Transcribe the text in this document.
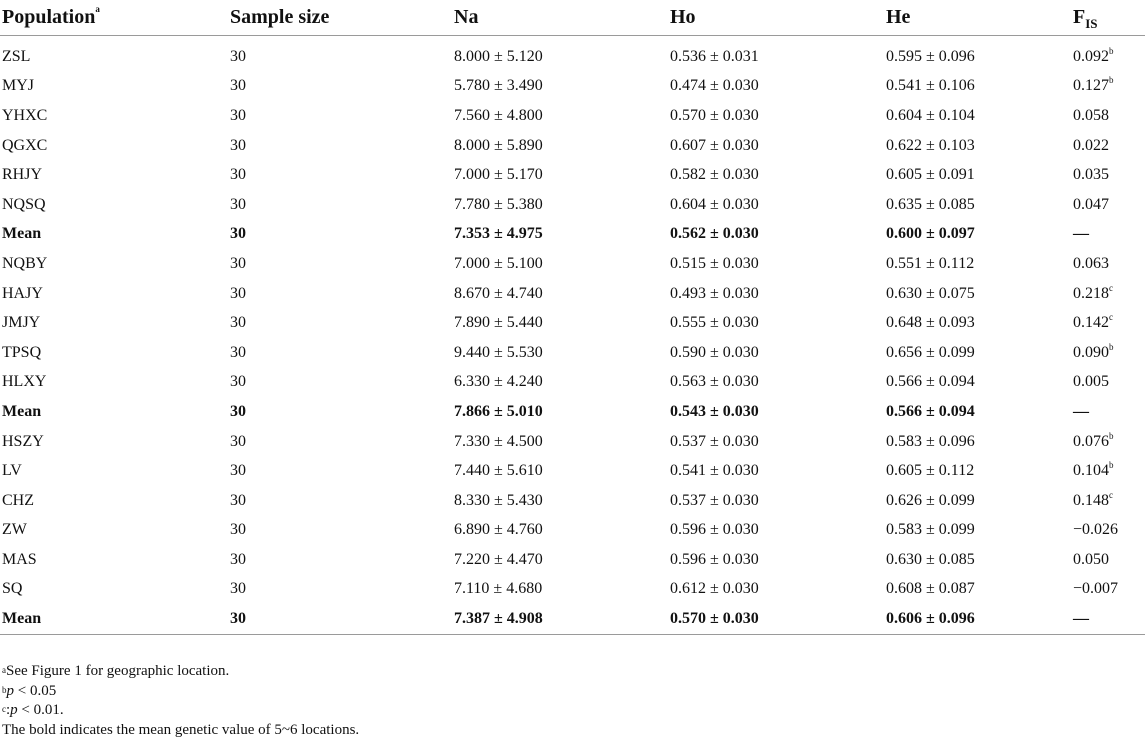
Population$^a$	Sample size	Na	Ho	He	$F_{IS}$
ZSL	30	8.000 ± 5.120	0.536 ± 0.031	0.595 ± 0.096	0.092$^b$
MYJ	30	5.780 ± 3.490	0.474 ± 0.030	0.541 ± 0.106	0.127$^b$
YHXC	30	7.560 ± 4.800	0.570 ± 0.030	0.604 ± 0.104	0.058
QGXC	30	8.000 ± 5.890	0.607 ± 0.030	0.622 ± 0.103	0.022
RHJY	30	7.000 ± 5.170	0.582 ± 0.030	0.605 ± 0.091	0.035
NQSQ	30	7.780 ± 5.380	0.604 ± 0.030	0.635 ± 0.085	0.047
Mean	30	7.353 ± 4.975	0.562 ± 0.030	0.600 ± 0.097	—
NQBY	30	7.000 ± 5.100	0.515 ± 0.030	0.551 ± 0.112	0.063
HAJY	30	8.670 ± 4.740	0.493 ± 0.030	0.630 ± 0.075	0.218$^c$
JMJY	30	7.890 ± 5.440	0.555 ± 0.030	0.648 ± 0.093	0.142$^c$
TPSQ	30	9.440 ± 5.530	0.590 ± 0.030	0.656 ± 0.099	0.090$^b$
HLXY	30	6.330 ± 4.240	0.563 ± 0.030	0.566 ± 0.094	0.005
Mean	30	7.866 ± 5.010	0.543 ± 0.030	0.566 ± 0.094	—
HSZY	30	7.330 ± 4.500	0.537 ± 0.030	0.583 ± 0.096	0.076$^b$
LV	30	7.440 ± 5.610	0.541 ± 0.030	0.605 ± 0.112	0.104$^b$
CHZ	30	8.330 ± 5.430	0.537 ± 0.030	0.626 ± 0.099	0.148$^c$
ZW	30	6.890 ± 4.760	0.596 ± 0.030	0.583 ± 0.099	−0.026
MAS	30	7.220 ± 4.470	0.596 ± 0.030	0.630 ± 0.085	0.050
SQ	30	7.110 ± 4.680	0.612 ± 0.030	0.608 ± 0.087	−0.007
Mean	30	7.387 ± 4.908	0.570 ± 0.030	0.606 ± 0.096	—
$^a$See Figure 1 for geographic location.
$^b$p < 0.05
$^c$:p < 0.01.
The bold indicates the mean genetic value of 5~6 locations.
